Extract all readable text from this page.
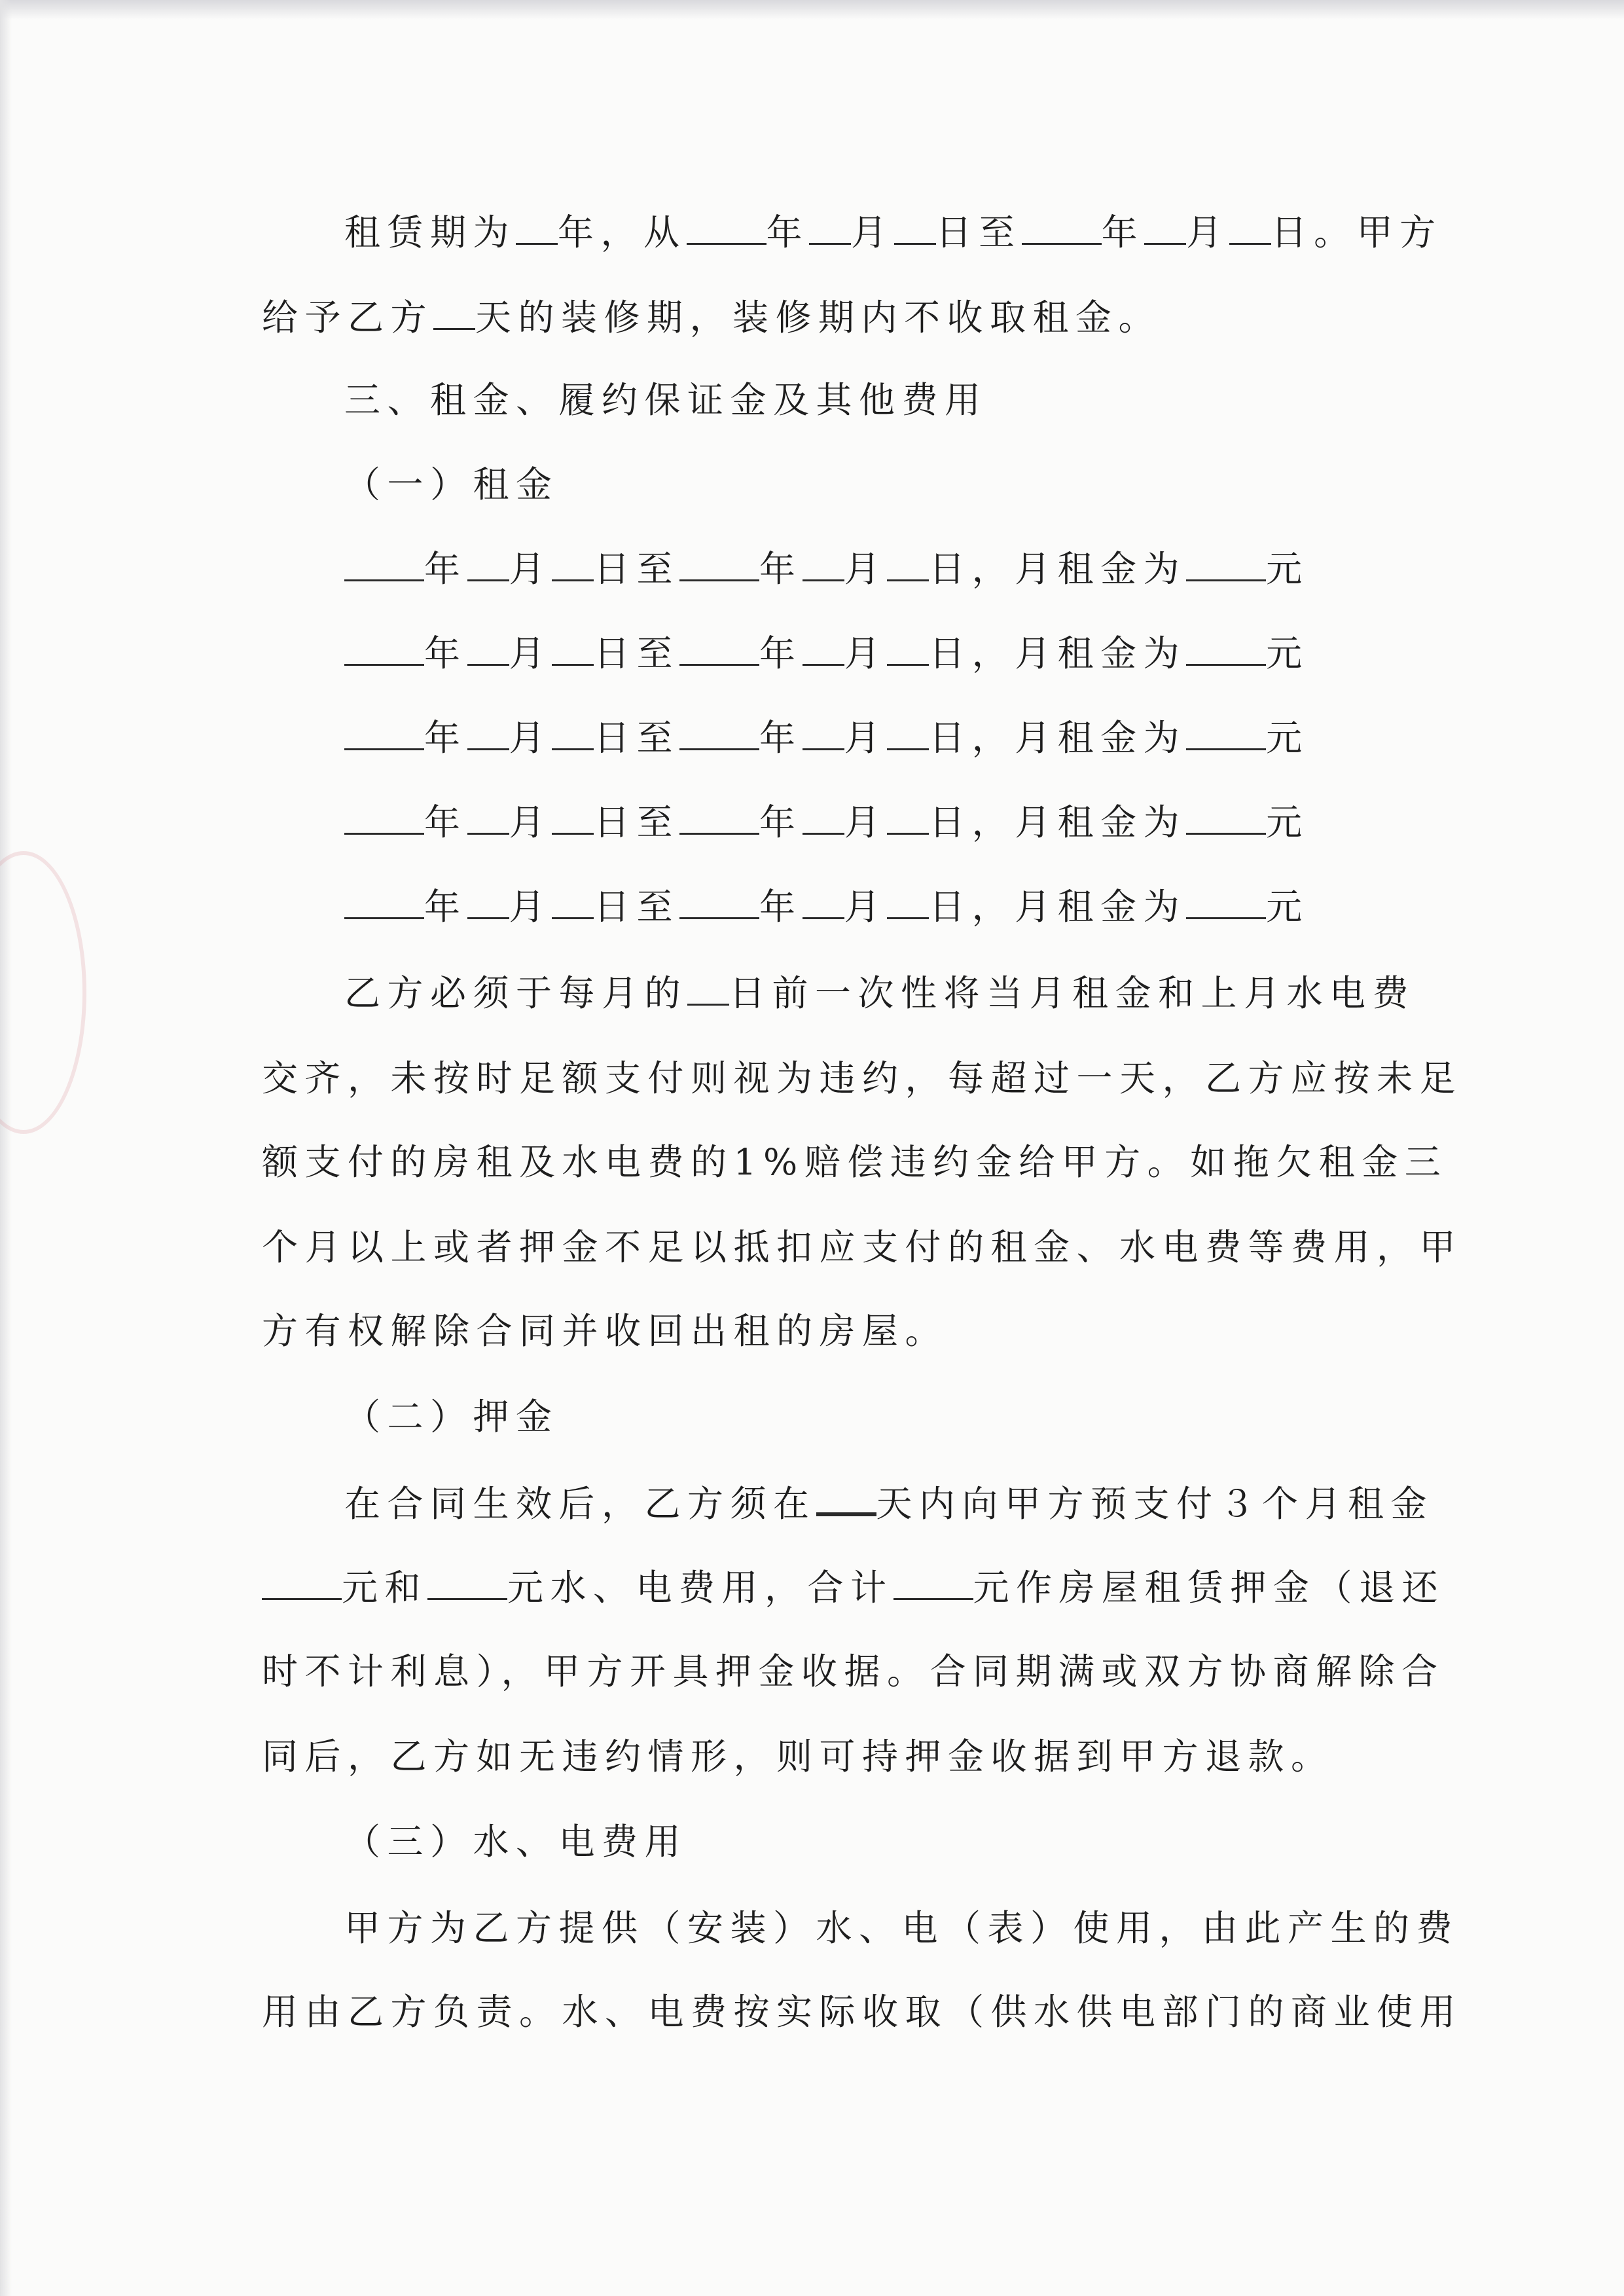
租赁期为 年，从 年 月 日至 年 月 日。甲方
给予乙方 天的装修期，装修期内不收取租金。
三、租金、履约保证金及其他费用
（一）租金
年 月 日至 年 月 日，月租金为 元
年 月 日至 年 月 日，月租金为 元
年 月 日至 年 月 日，月租金为 元
年 月 日至 年 月 日，月租金为 元
年 月 日至 年 月 日，月租金为 元
乙方必须于每月的 日前一次性将当月租金和上月水电费
交齐，未按时足额支付则视为违约，每超过一天，乙方应按未足
额支付的房租及水电费的1%赔偿违约金给甲方。如拖欠租金三
个月以上或者押金不足以抵扣应支付的租金、水电费等费用，甲
方有权解除合同并收回出租的房屋。
（二）押金
在合同生效后，乙方须在 天内向甲方预支付３个月租金
元和 元水、电费用，合计 元作房屋租赁押金（退还
时不计利息），甲方开具押金收据。合同期满或双方协商解除合
同后，乙方如无违约情形，则可持押金收据到甲方退款。
（三）水、电费用
甲方为乙方提供（安装）水、电（表）使用，由此产生的费
用由乙方负责。水、电费按实际收取（供水供电部门的商业使用
